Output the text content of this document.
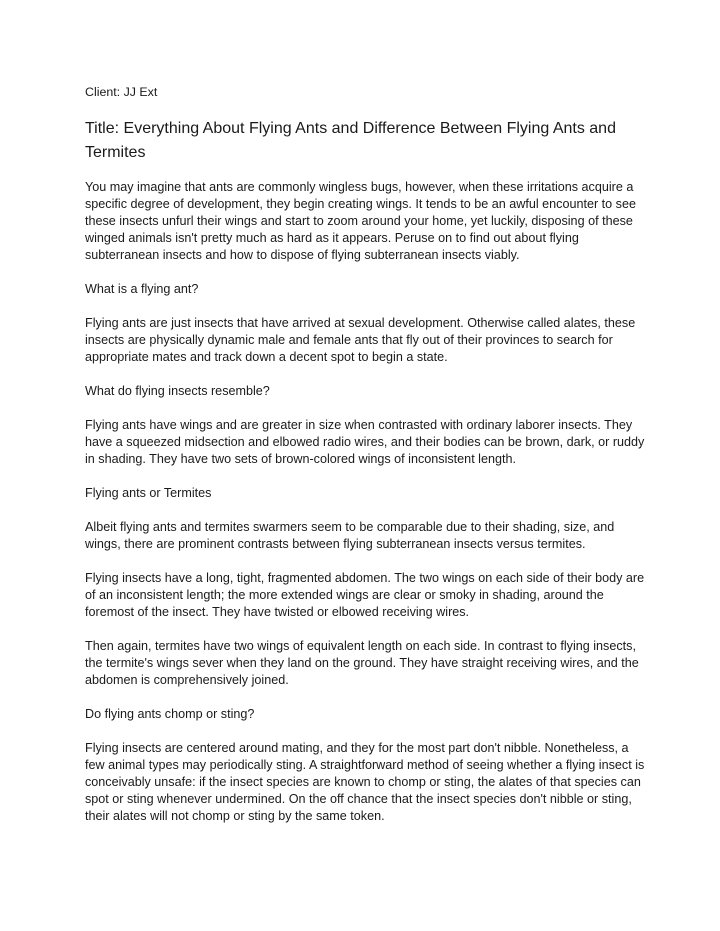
Client: JJ Ext

Title: Everything About Flying Ants and Difference Between Flying Ants and Termites

You may imagine that ants are commonly wingless bugs, however, when these irritations acquire a specific degree of development, they begin creating wings. It tends to be an awful encounter to see these insects unfurl their wings and start to zoom around your home, yet luckily, disposing of these winged animals isn't pretty much as hard as it appears. Peruse on to find out about flying subterranean insects and how to dispose of flying subterranean insects viably.

What is a flying ant?

Flying ants are just insects that have arrived at sexual development. Otherwise called alates, these insects are physically dynamic male and female ants that fly out of their provinces to search for appropriate mates and track down a decent spot to begin a state.

What do flying insects resemble?

Flying ants have wings and are greater in size when contrasted with ordinary laborer insects. They have a squeezed midsection and elbowed radio wires, and their bodies can be brown, dark, or ruddy in shading. They have two sets of brown-colored wings of inconsistent length.

Flying ants or Termites

Albeit flying ants and termites swarmers seem to be comparable due to their shading, size, and wings, there are prominent contrasts between flying subterranean insects versus termites.

Flying insects have a long, tight, fragmented abdomen. The two wings on each side of their body are of an inconsistent length; the more extended wings are clear or smoky in shading, around the foremost of the insect. They have twisted or elbowed receiving wires.

Then again, termites have two wings of equivalent length on each side. In contrast to flying insects, the termite's wings sever when they land on the ground. They have straight receiving wires, and the abdomen is comprehensively joined.

Do flying ants chomp or sting?

Flying insects are centered around mating, and they for the most part don't nibble. Nonetheless, a few animal types may periodically sting. A straightforward method of seeing whether a flying insect is conceivably unsafe: if the insect species are known to chomp or sting, the alates of that species can spot or sting whenever undermined. On the off chance that the insect species don't nibble or sting, their alates will not chomp or sting by the same token.
